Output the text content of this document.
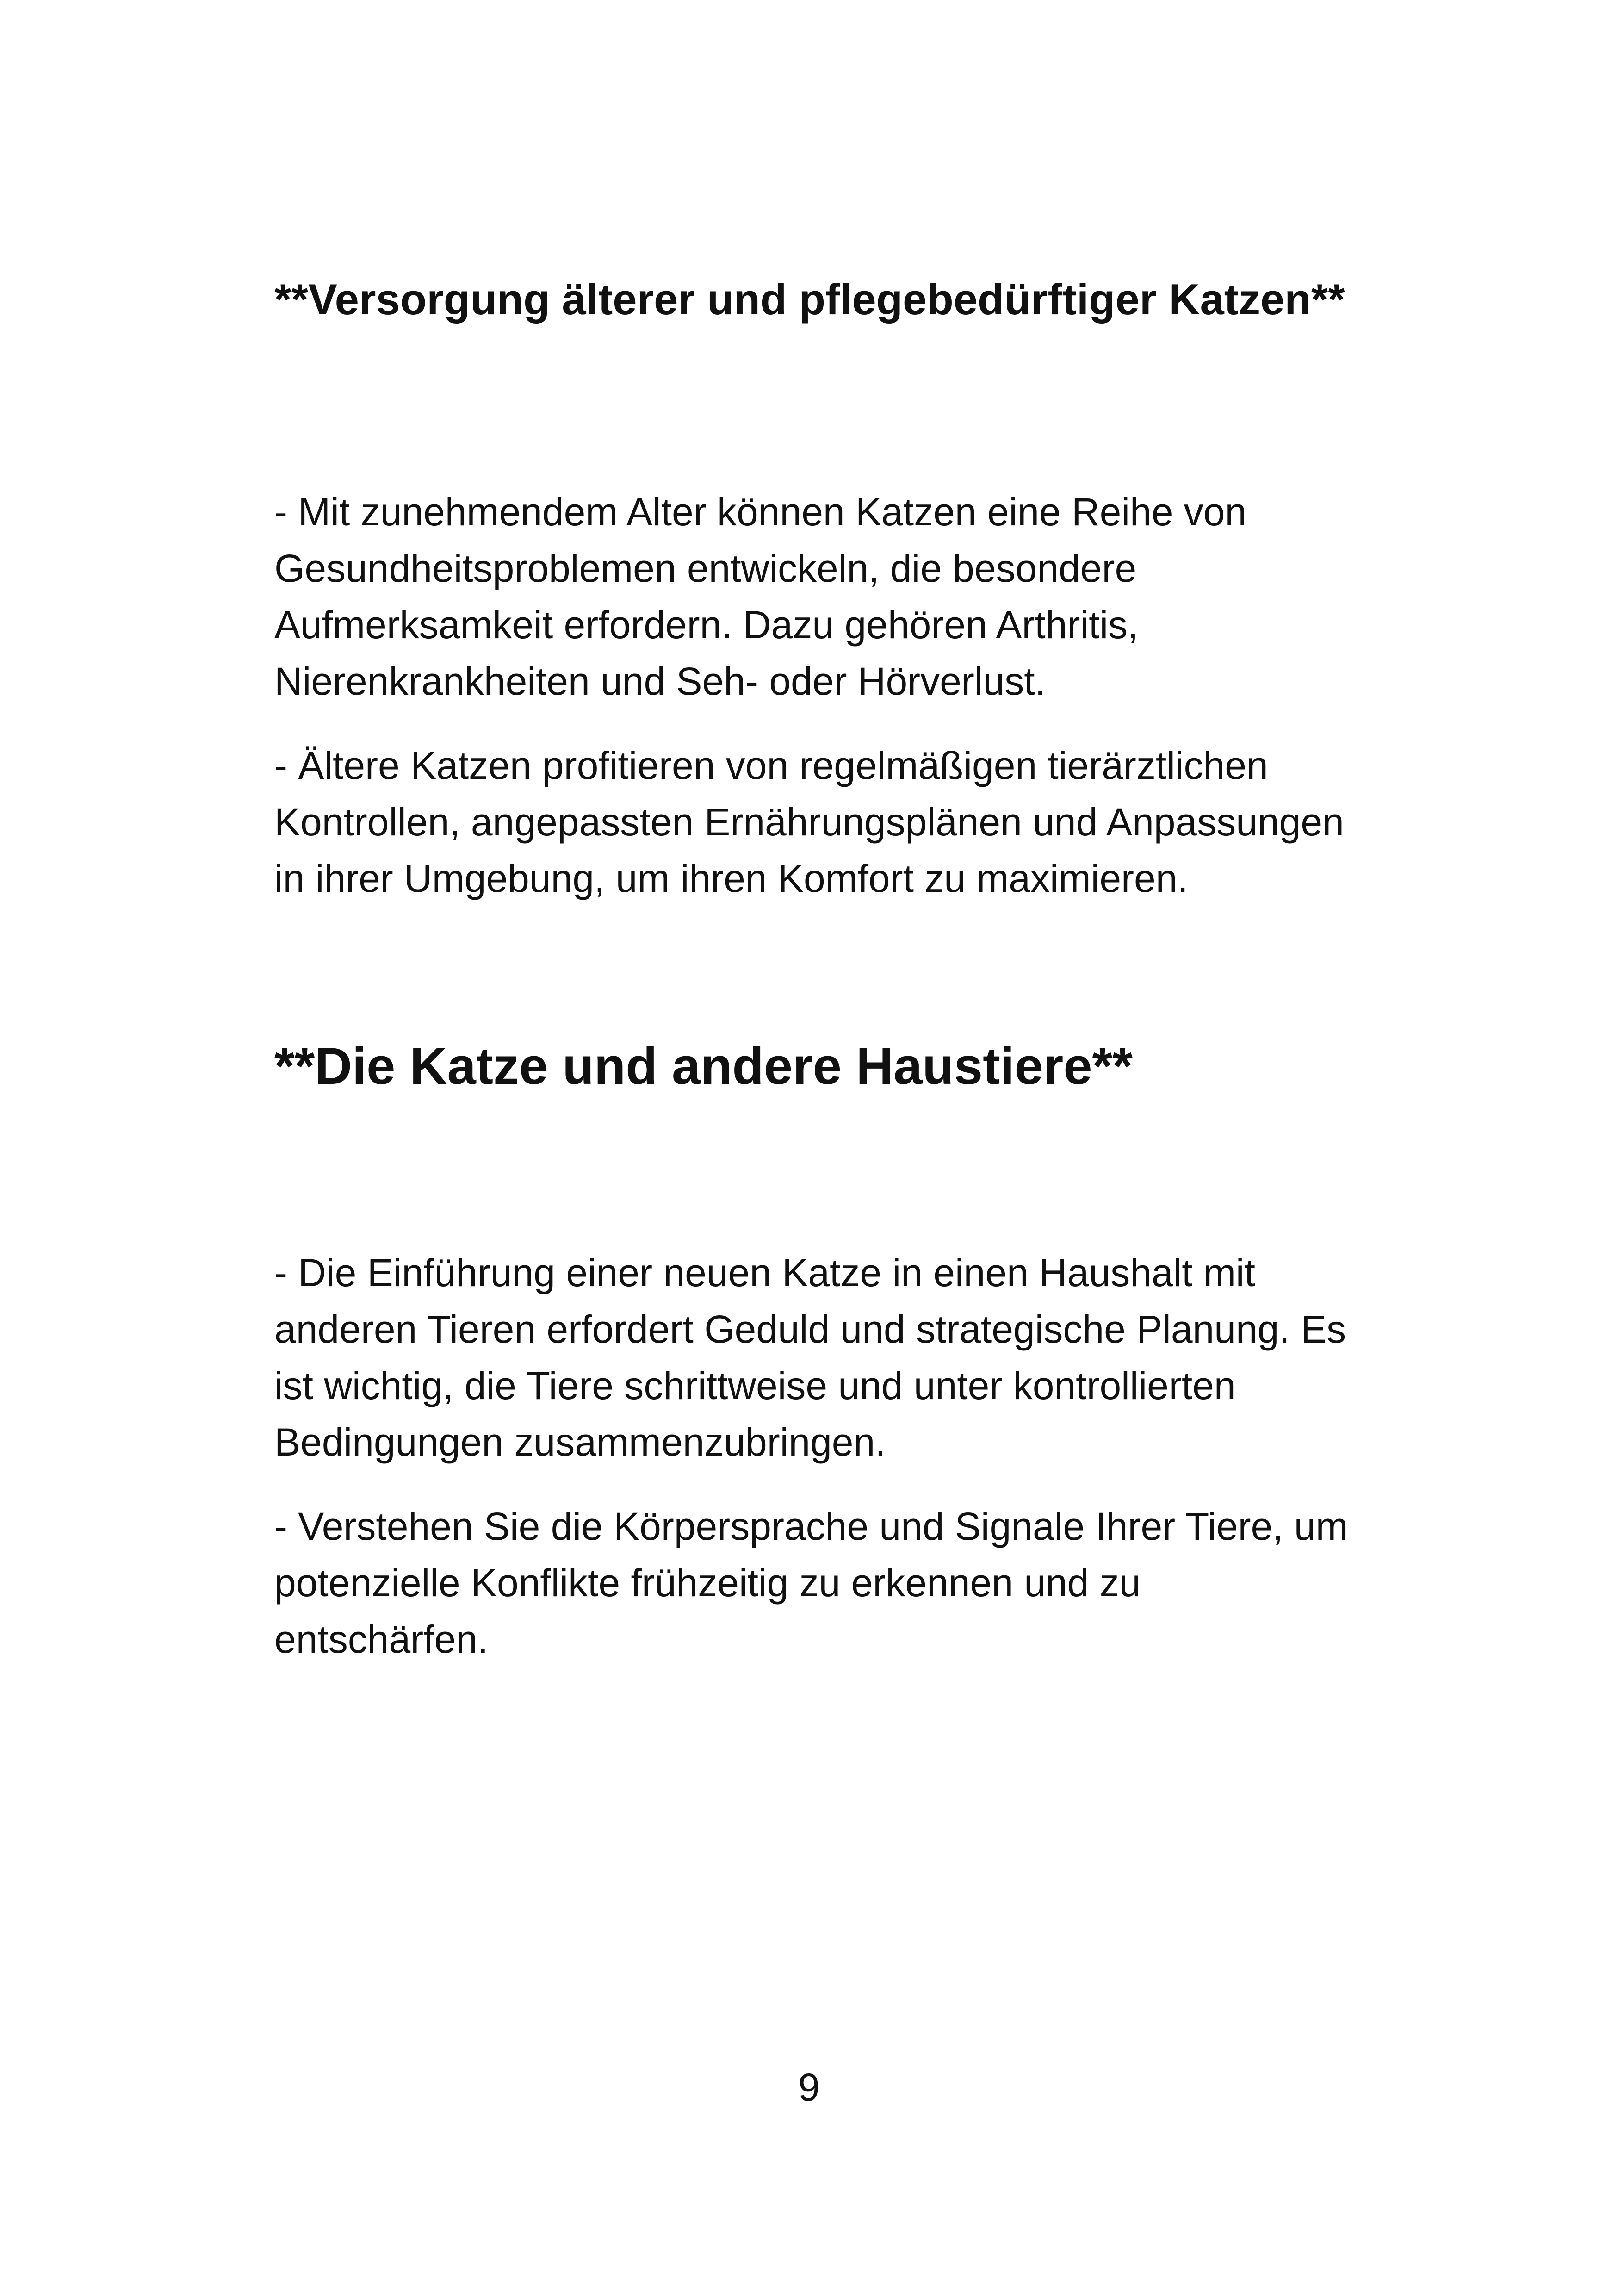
**Versorgung älterer und pflegebedürftiger Katzen**

- Mit zunehmendem Alter können Katzen eine Reihe von Gesundheitsproblemen entwickeln, die besondere Aufmerksamkeit erfordern. Dazu gehören Arthritis, Nierenkrankheiten und Seh- oder Hörverlust.

- Ältere Katzen profitieren von regelmäßigen tierärztlichen Kontrollen, angepassten Ernährungsplänen und Anpassungen in ihrer Umgebung, um ihren Komfort zu maximieren.

**Die Katze und andere Haustiere**

- Die Einführung einer neuen Katze in einen Haushalt mit anderen Tieren erfordert Geduld und strategische Planung. Es ist wichtig, die Tiere schrittweise und unter kontrollierten Bedingungen zusammenzubringen.

- Verstehen Sie die Körpersprache und Signale Ihrer Tiere, um potenzielle Konflikte frühzeitig zu erkennen und zu entschärfen.

9
